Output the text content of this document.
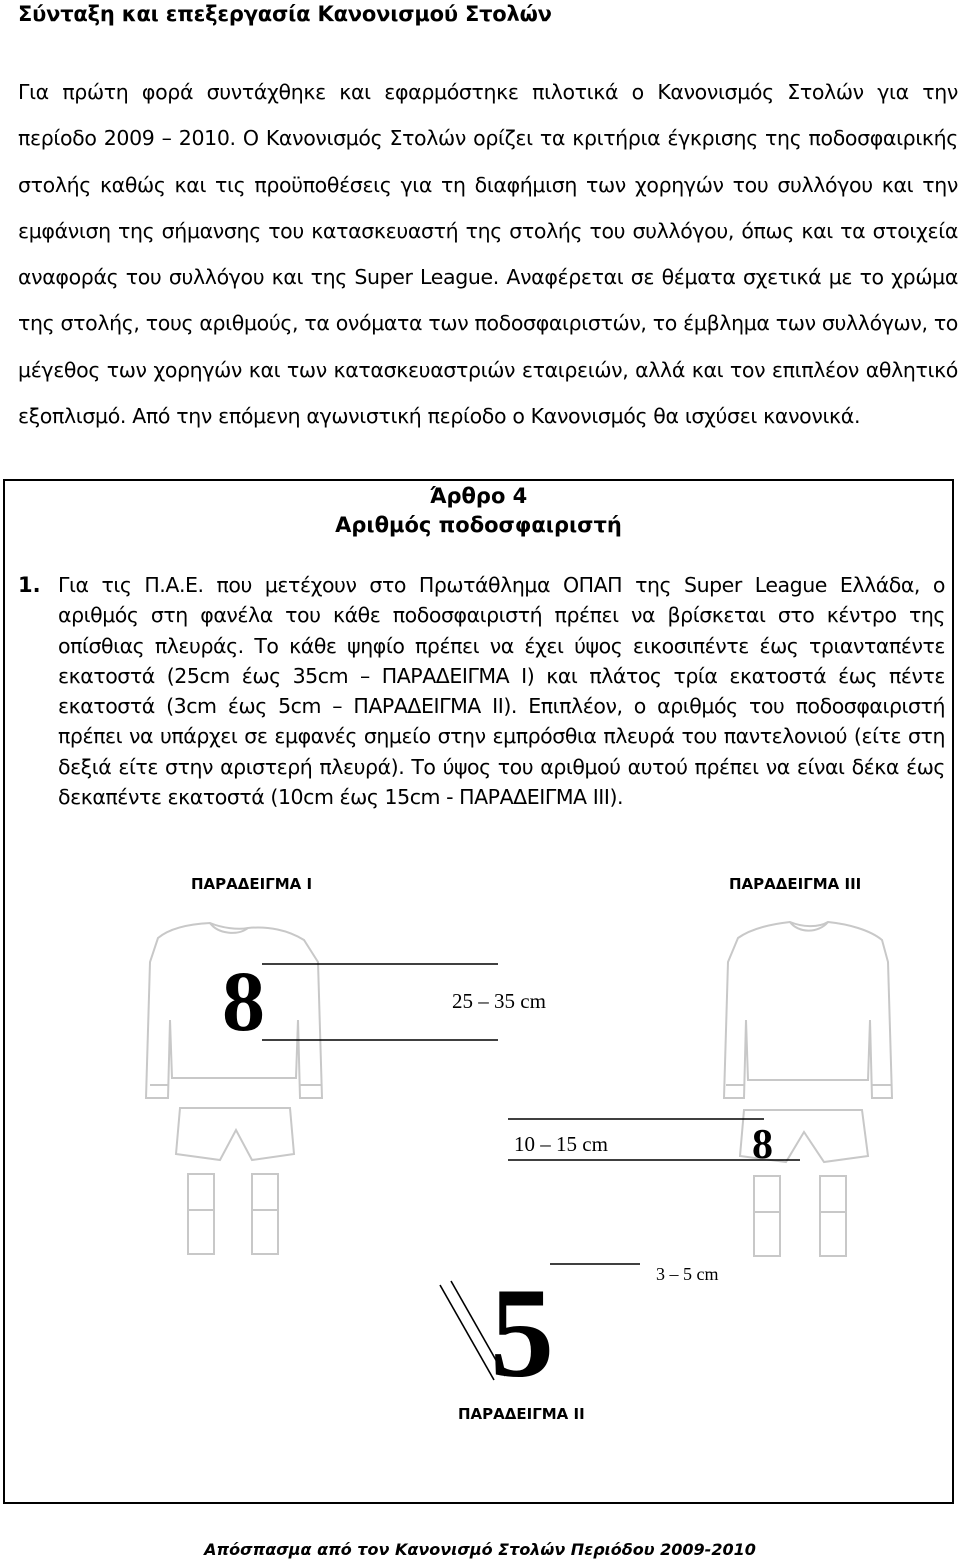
Σύνταξη και επεξεργασία Κανονισμού Στολών

Για πρώτη φορά συντάχθηκε και εφαρμόστηκε πιλοτικά ο Κανονισμός Στολών για την περίοδο 2009 – 2010. Ο Κανονισμός Στολών ορίζει τα κριτήρια έγκρισης της ποδοσφαιρικής στολής καθώς και τις προϋποθέσεις για τη διαφήμιση των χορηγών του συλλόγου και την εμφάνιση της σήμανσης του κατασκευαστή της στολής του συλλόγου, όπως και τα στοιχεία αναφοράς του συλλόγου και της Super League. Αναφέρεται σε θέματα σχετικά με το χρώμα της στολής, τους αριθμούς, τα ονόματα των ποδοσφαιριστών, το έμβλημα των συλλόγων, το μέγεθος των χορηγών και των κατασκευαστριών εταιρειών, αλλά και τον επιπλέον αθλητικό εξοπλισμό. Από την επόμενη αγωνιστική περίοδο ο Κανονισμός θα ισχύσει κανονικά.

Άρθρο 4
Αριθμός ποδοσφαιριστή
1. Για τις Π.Α.Ε. που μετέχουν στο Πρωτάθλημα ΟΠΑΠ της Super League Ελλάδα, ο αριθμός στη φανέλα του κάθε ποδοσφαιριστή πρέπει να βρίσκεται στο κέντρο της οπίσθιας πλευράς. Το κάθε ψηφίο πρέπει να έχει ύψος εικοσιπέντε έως τριανταπέντε εκατοστά (25cm έως 35cm – ΠΑΡΑΔΕΙΓΜΑ Ι) και πλάτος τρία εκατοστά έως πέντε εκατοστά (3cm έως 5cm – ΠΑΡΑΔΕΙΓΜΑ ΙΙ). Επιπλέον, ο αριθμός του ποδοσφαιριστή πρέπει να υπάρχει σε εμφανές σημείο στην εμπρόσθια πλευρά του παντελονιού (είτε στη δεξιά είτε στην αριστερή πλευρά). Το ύψος του αριθμού αυτού πρέπει να είναι δέκα έως δεκαπέντε εκατοστά (10cm έως 15cm - ΠΑΡΑΔΕΙΓΜΑ ΙΙΙ).

ΠΑΡΑΔΕΙΓΜΑ Ι	ΠΑΡΑΔΕΙΓΜΑ ΙΙΙ
8	25 – 35 cm
10 – 15 cm	8
5	3 – 5 cm
ΠΑΡΑΔΕΙΓΜΑ ΙΙ
Απόσπασμα από τον Κανονισμό Στολών Περιόδου 2009-2010
